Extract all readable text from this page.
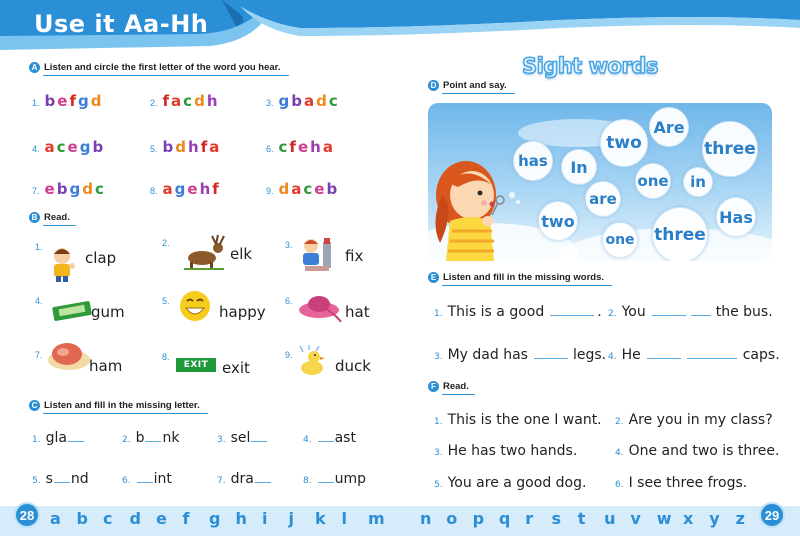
Use it Aa-Hh
A Listen and circle the first letter of the word you hear.
B Read.
C Listen and fill in the missing letter.
Sight words
D Point and say.
Are
two	three
has	In
one	in
are
two	Has
one three
E Listen and fill in the missing words.
1. This is a good	. 2. You	the bus.
3. My dad has	legs. 4. He	caps.
F Read.
a b c d e f g h i j k l m n o p q r s t u v w x y z
28	29
1. b e f g d	2. f a c d h	3. g b a d c
4. a c e g b	5. b d h f a	6. c f e h a
7. e b g d c	8. a g e h f	9. d a c e b
1.
clap
2.
elk	3.
fix
4.
gum
5.
happy
6.
hat
7.
ham	8.
EXIT exit
9.
duck
1. gla	2. b nk	3. sel	4. ast
5. s nd	6. int	7. dra	8. ump
1. This is the one I want. 2. Are you in my class?
3. He has two hands.	4. One and two is three.
5. You are a good dog.	6. I see three frogs.
